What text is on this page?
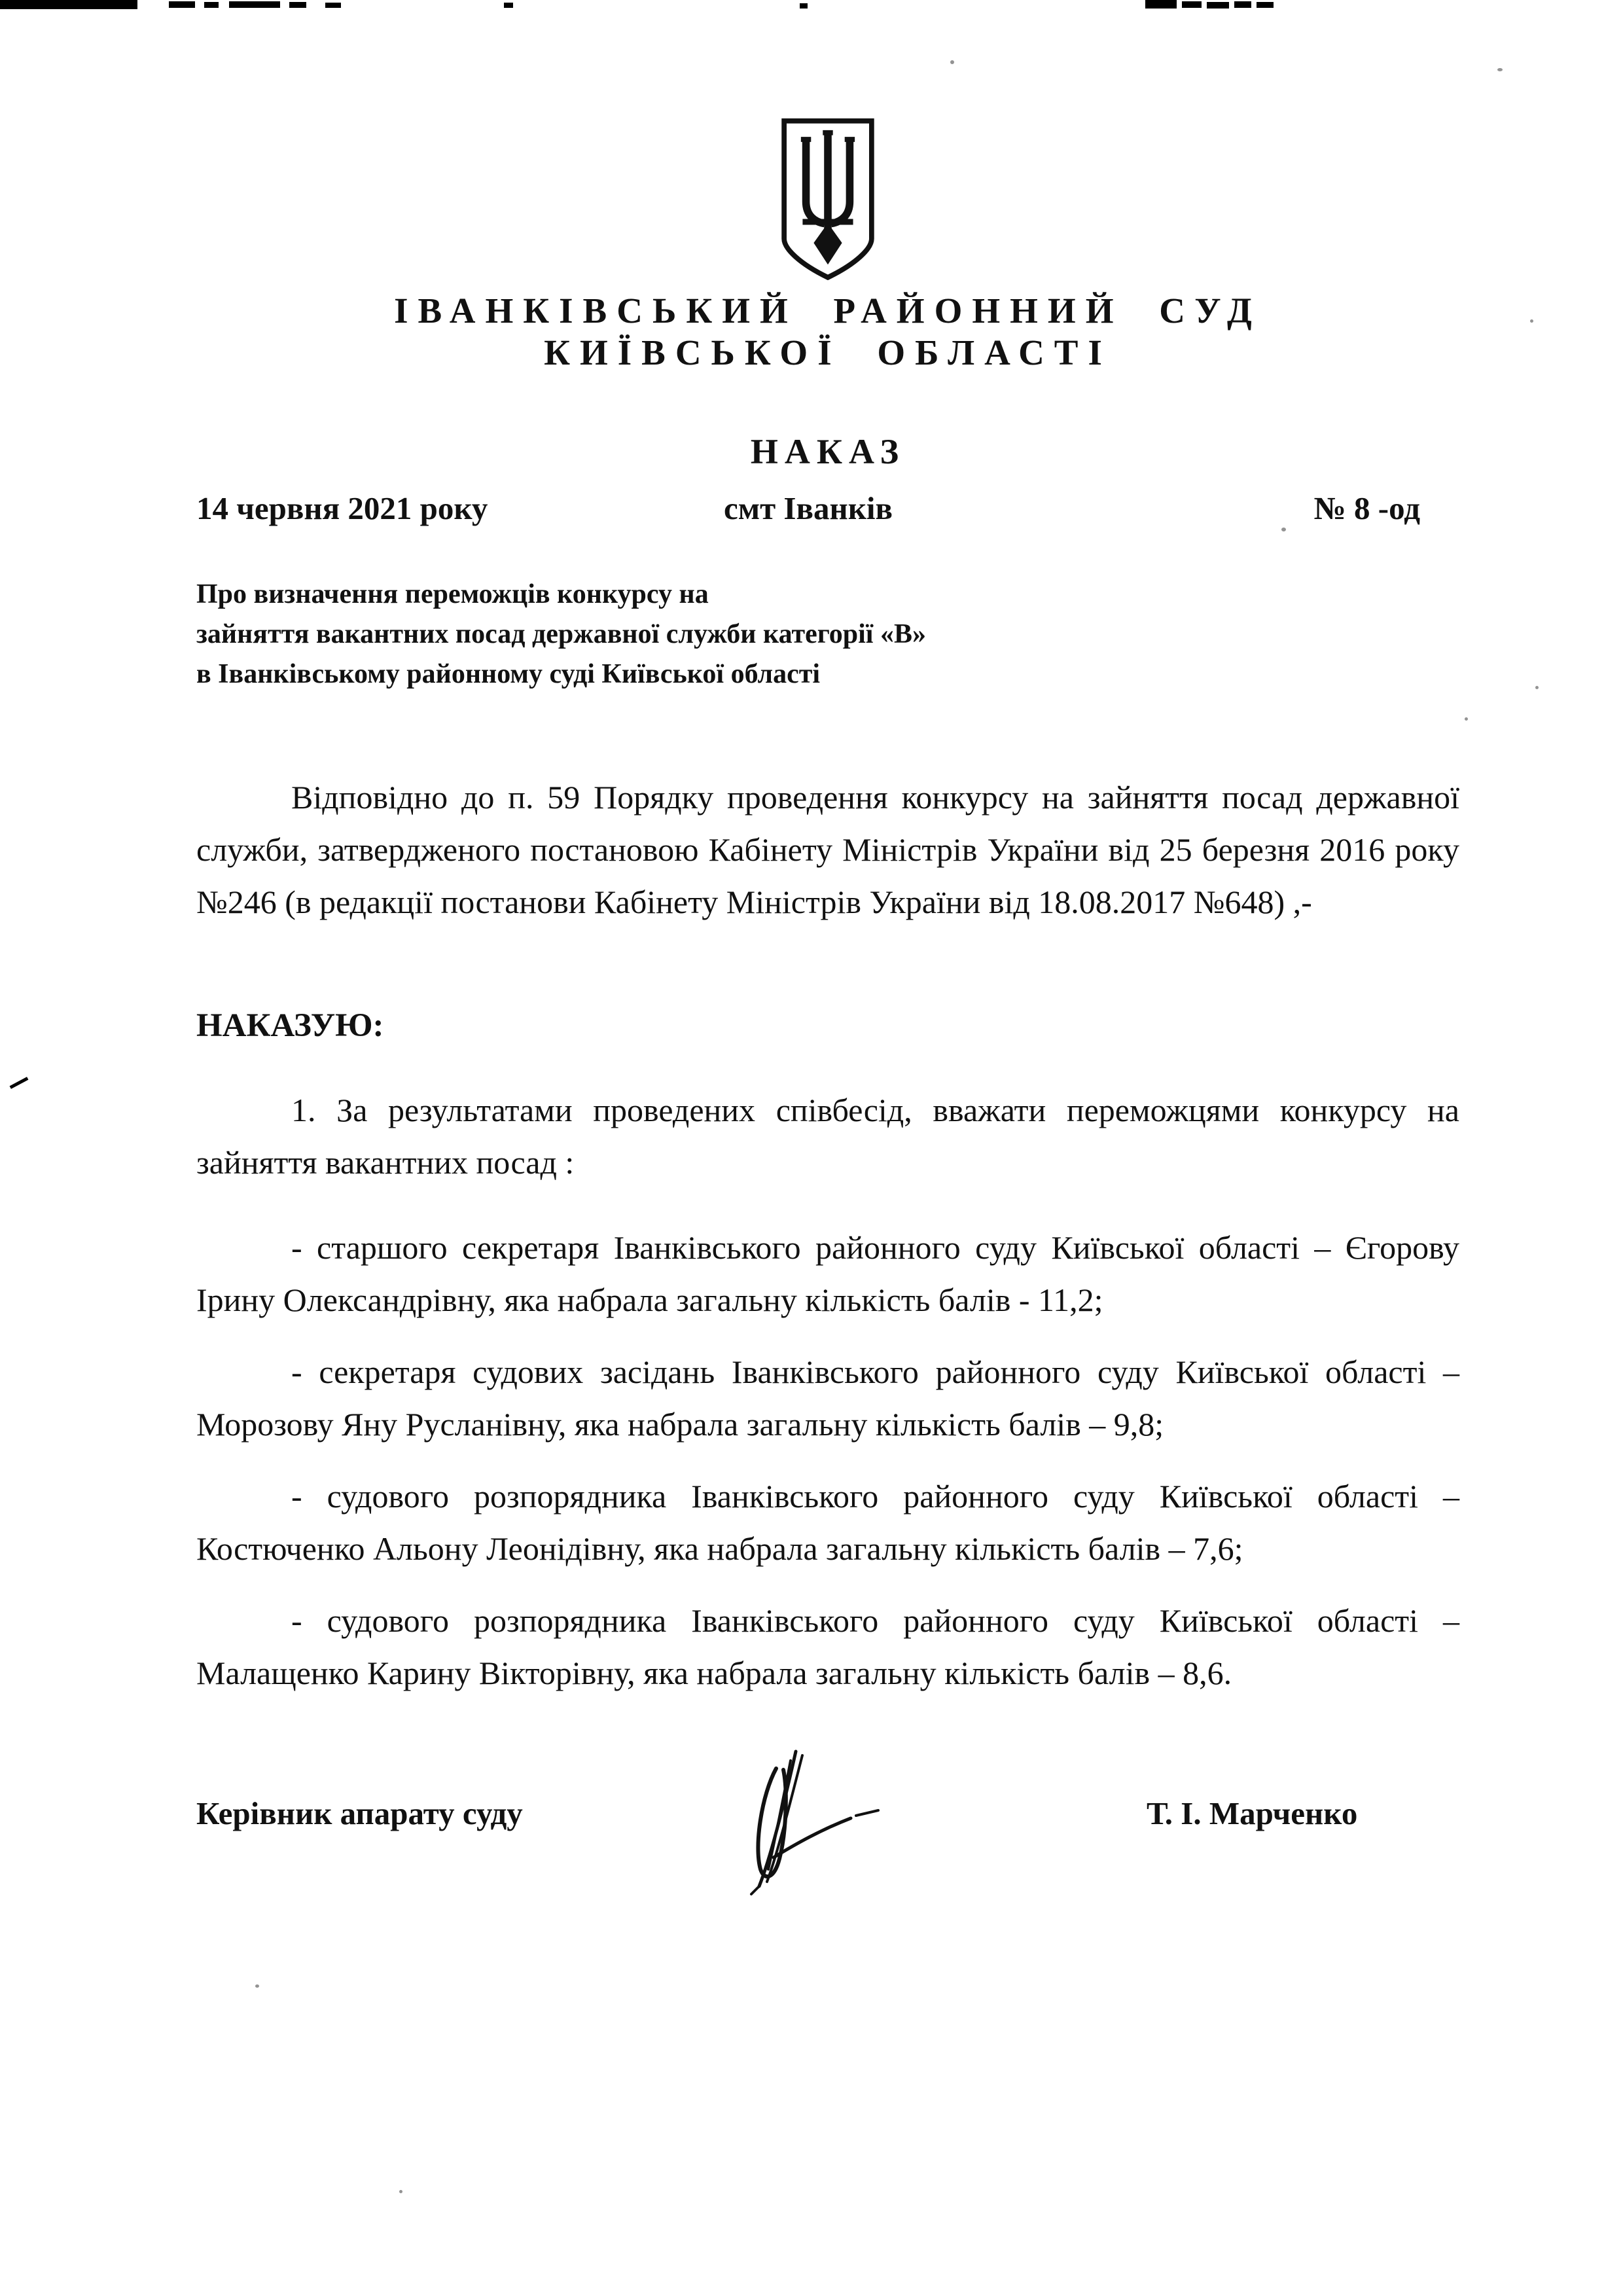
ІВАНКІВСЬКИЙ РАЙОННИЙ СУД
КИЇВСЬКОЇ ОБЛАСТІ
НАКАЗ
14 червня 2021 року	смт Іванків	№ 8 -од
Про визначення переможців конкурсу на
зайняття вакантних посад державної служби категорії «В»
в Іванківському районному суді Київської області

Відповідно до п. 59 Порядку проведення конкурсу на зайняття посад державної служби, затвердженого постановою Кабінету Міністрів України від 25 березня 2016 року №246 (в редакції постанови Кабінету Міністрів України від 18.08.2017 №648) ,-

НАКАЗУЮ:

1. За результатами проведених співбесід, вважати переможцями конкурсу на зайняття вакантних посад :

- старшого секретаря Іванківського районного суду Київської області – Єгорову Ірину Олександрівну, яка набрала загальну кількість балів - 11,2;

- секретаря судових засідань Іванківського районного суду Київської області – Морозову Яну Русланівну, яка набрала загальну кількість балів – 9,8;

- судового розпорядника Іванківського районного суду Київської області – Костюченко Альону Леонідівну, яка набрала загальну кількість балів – 7,6;

- судового розпорядника Іванківського районного суду Київської області – Малащенко Карину Вікторівну, яка набрала загальну кількість балів – 8,6.

Керівник апарату суду	Т. І. Марченко
